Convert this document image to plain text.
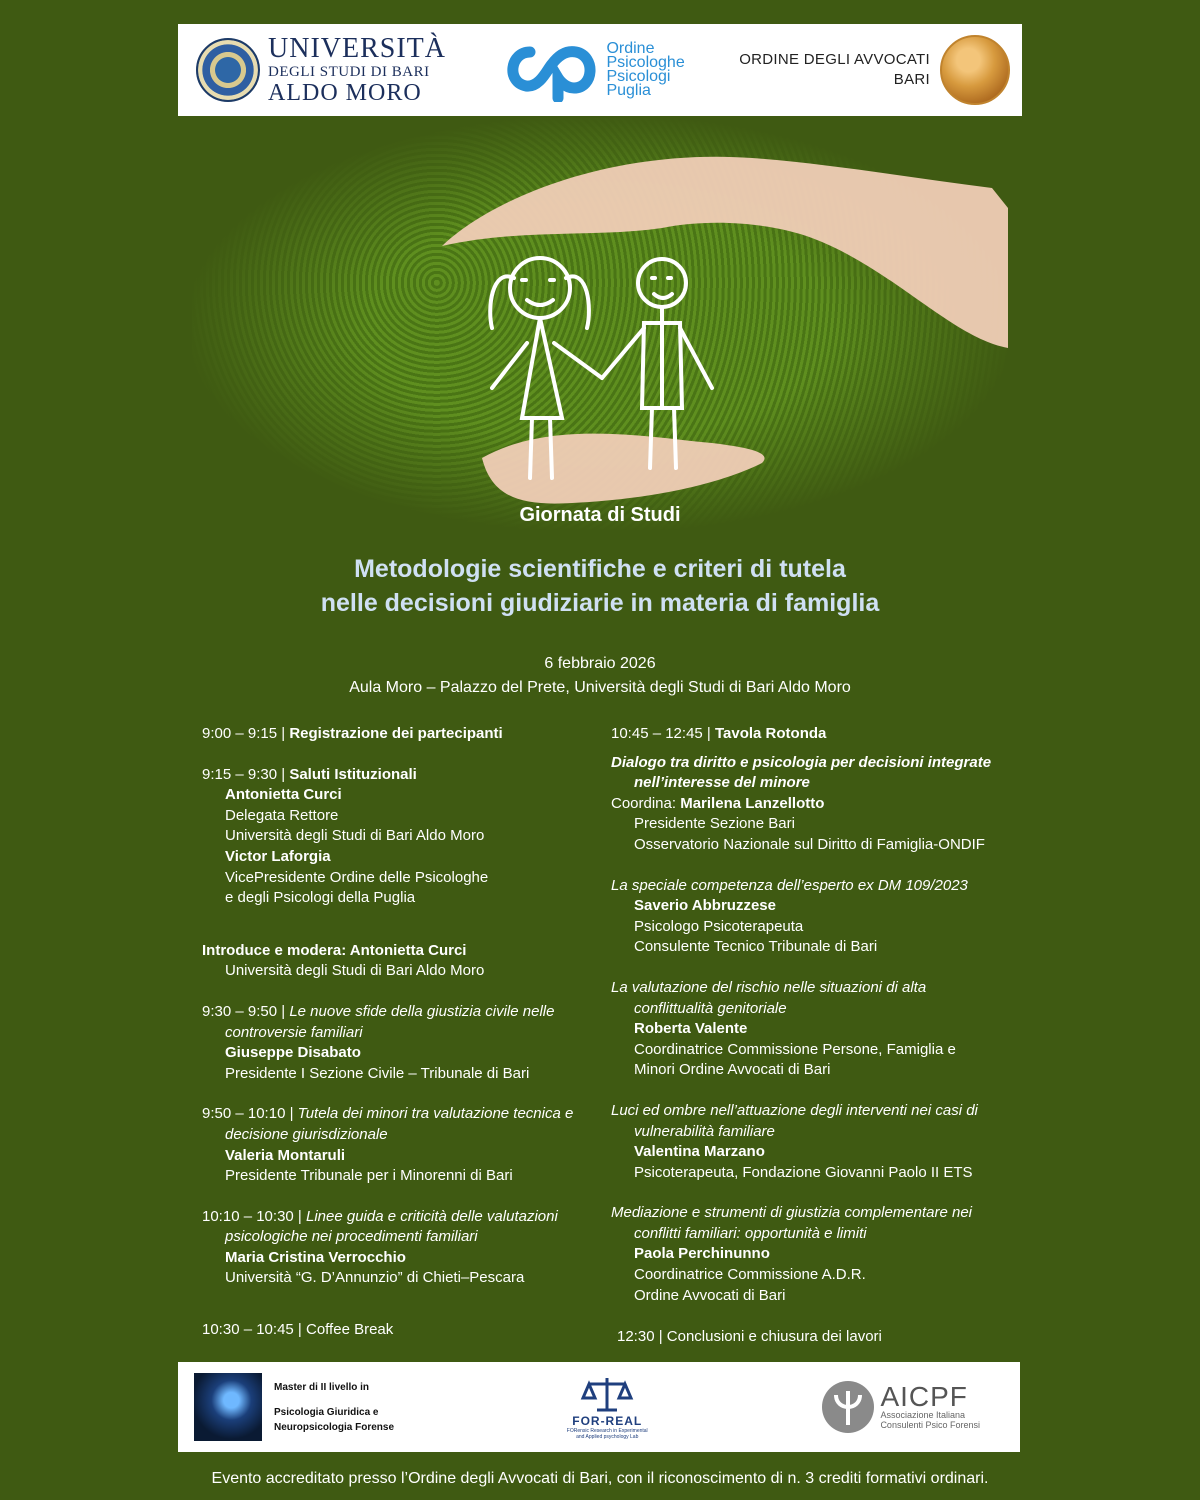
UNIVERSITÀ
DEGLI STUDI DI BARI
ALDO MORO
Ordine
Psicologhe
Psicologi
Puglia
ORDINE DEGLI AVVOCATI
BARI
Giornata di Studi
Metodologie scientifiche e criteri di tutela
nelle decisioni giudiziarie in materia di famiglia
6 febbraio 2026
Aula Moro – Palazzo del Prete, Università degli Studi di Bari Aldo Moro
9:00 – 9:15 | Registrazione dei partecipanti
9:15 – 9:30 | Saluti Istituzionali
Antonietta Curci
Delegata Rettore
Università degli Studi di Bari Aldo Moro
Victor Laforgia
VicePresidente Ordine delle Psicologhe
e degli Psicologi della Puglia
Introduce e modera: Antonietta Curci
Università degli Studi di Bari Aldo Moro
9:30 – 9:50 | Le nuove sfide della giustizia civile nelle
controversie familiari
Giuseppe Disabato
Presidente I Sezione Civile – Tribunale di Bari
9:50 – 10:10 | Tutela dei minori tra valutazione tecnica e
decisione giurisdizionale
Valeria Montaruli
Presidente Tribunale per i Minorenni di Bari
10:10 – 10:30 | Linee guida e criticità delle valutazioni
psicologiche nei procedimenti familiari
Maria Cristina Verrocchio
Università “G. D’Annunzio” di Chieti–Pescara
10:30 – 10:45 | Coffee Break
10:45 – 12:45 | Tavola Rotonda
Dialogo tra diritto e psicologia per decisioni integrate
nell’interesse del minore
Coordina: Marilena Lanzellotto
Presidente Sezione Bari
Osservatorio Nazionale sul Diritto di Famiglia-ONDIF
La speciale competenza dell’esperto ex DM 109/2023
Saverio Abbruzzese
Psicologo Psicoterapeuta
Consulente Tecnico Tribunale di Bari
La valutazione del rischio nelle situazioni di alta
conflittualità genitoriale
Roberta Valente
Coordinatrice Commissione Persone, Famiglia e
Minori Ordine Avvocati di Bari
Luci ed ombre nell’attuazione degli interventi nei casi di
vulnerabilità familiare
Valentina Marzano
Psicoterapeuta, Fondazione Giovanni Paolo II ETS
Mediazione e strumenti di giustizia complementare nei
conflitti familiari: opportunità e limiti
Paola Perchinunno
Coordinatrice Commissione A.D.R.
Ordine Avvocati di Bari
12:30 | Conclusioni e chiusura dei lavori
Master di II livello in
Psicologia Giuridica e
Neuropsicologia Forense	FOR-REAL
FORensic Research in Experimental
and Applied psychology Lab
AICPF
Associazione Italiana
Consulenti Psico Forensi
Evento accreditato presso l’Ordine degli Avvocati di Bari, con il riconoscimento di n. 3 crediti formativi ordinari.
